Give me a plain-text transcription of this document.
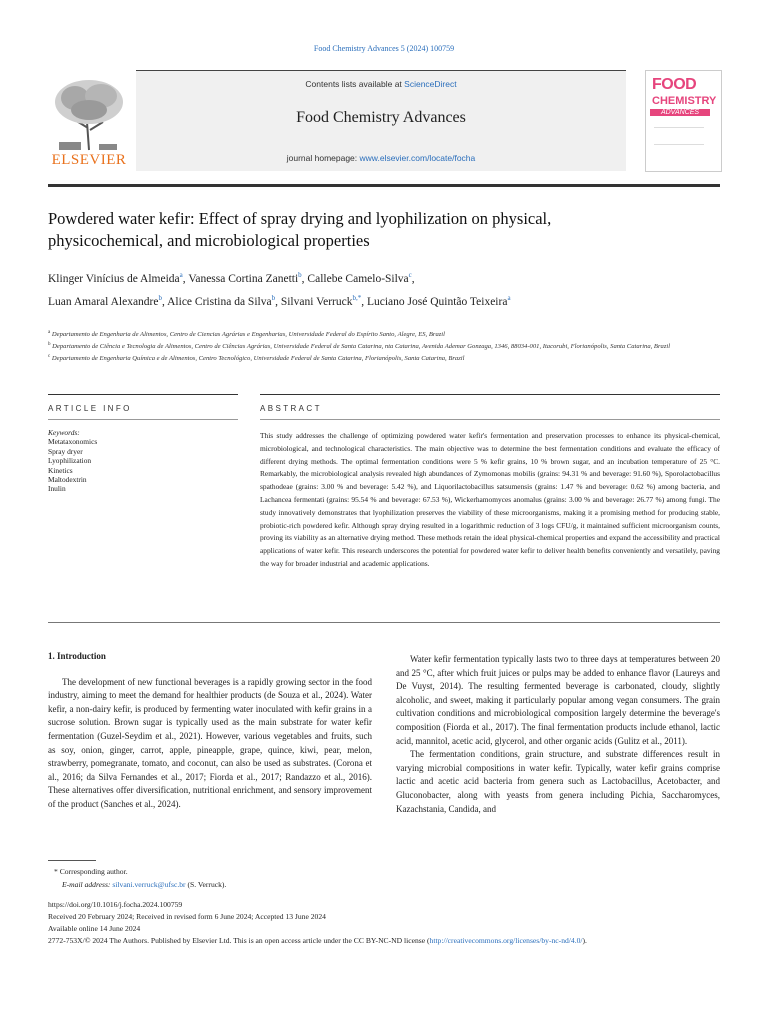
Food Chemistry Advances 5 (2024) 100759
ELSEVIER
Contents lists available at ScienceDirect
Food Chemistry Advances
journal homepage: www.elsevier.com/locate/focha
FOOD
CHEMISTRY
ADVANCES
Powdered water kefir: Effect of spray drying and lyophilization on physical, physicochemical, and microbiological properties
Klinger Vinícius de Almeida$^a$, Vanessa Cortina Zanetti$^b$, Callebe Camelo-Silva$^c$,
Luan Amaral Alexandre$^b$, Alice Cristina da Silva$^b$, Silvani Verruck$^{b,*}$, Luciano José Quintão Teixeira$^a$
$^a$ Departamento de Engenharia de Alimentos, Centro de Ciencias Agrárias e Engenharias, Universidade Federal do Espírito Santo, Alegre, ES, Brazil
$^b$ Departamento de Ciência e Tecnologia de Alimentos, Centro de Ciências Agrárias, Universidade Federal de Santa Catarina, nta Catarina, Avenida Ademar Gonzaga, 1346, 88034-001, Itacorubi, Florianópolis, Santa Catarina, Brazil
$^c$ Departamento de Engenharia Química e de Alimentos, Centro Tecnológico, Universidade Federal de Santa Catarina, Florianópolis, Santa Catarina, Brazil
ARTICLE INFO	ABSTRACT
Keywords:
Metataxonomics
Spray dryer
Lyophilization
Kinetics
Maltodextrin
Inulin
This study addresses the challenge of optimizing powdered water kefir's fermentation and preservation processes to enhance its physical-chemical, microbiological, and technological characteristics. The main objective was to determine the best fermentation conditions and evaluate the efficacy of different drying methods. The optimal fermentation conditions were 5 % kefir grains, 10 % brown sugar, and an incubation temperature of 25 °C. Remarkably, the microbiological analysis revealed high abundances of Zymomonas mobilis (grains: 94.31 % and beverage: 91.60 %), Sporolactobacillus spathodeae (grains: 3.00 % and beverage: 5.42 %), and Liquorilactobacillus satsumensis (grains: 1.47 % and beverage: 0.62 %) among bacteria, and Lachancea fermentati (grains: 95.54 % and beverage: 67.53 %), Wickerhamomyces anomalus (grains: 3.00 % and beverage: 26.77 %) among fungi. The study innovatively demonstrates that lyophilization preserves the viability of these microorganisms, making it a promising method for producing stable, probiotic-rich powdered kefir. Although spray drying resulted in a logarithmic reduction of 3 logs CFU/g, it maintained sufficient microorganism counts, proving its viability as an alternative drying method. These methods retain the ideal physical-chemical properties and expand the accessibility and practical applications of water kefir. This research underscores the potential for powdered water kefir to deliver health benefits conveniently and versatilely, paving the way for broader industrial and academic applications.
1. Introduction

The development of new functional beverages is a rapidly growing sector in the food industry, aiming to meet the demand for healthier products (de Souza et al., 2024). Water kefir, a non-dairy kefir, is produced by fermenting water inoculated with kefir grains in a sucrose solution. Brown sugar is typically used as the main substrate for water kefir fermentation (Guzel-Seydim et al., 2021). However, various vegetables and fruits, such as soy, onion, ginger, carrot, apple, pineapple, grape, quince, kiwi, pear, melon, strawberry, pomegranate, tomato, and coconut, can also be used as substrates. (Corona et al., 2016; da Silva Fernandes et al., 2017; Fiorda et al., 2017; Randazzo et al., 2016). These alternatives offer diversification, nutritional enrichment, and sensory improvement of the product (Sanches et al., 2024).

Water kefir fermentation typically lasts two to three days at temperatures between 20 and 25 °C, after which fruit juices or pulps may be added to enhance flavor (Laureys and De Vuyst, 2014). The resulting fermented beverage is carbonated, cloudy, slightly alcoholic, and sweet, making it particularly popular among vegan consumers. The grain cultivation conditions and microbiological composition largely determine the beverage's composition (Fiorda et al., 2017). The final fermentation products include ethanol, lactic acid, mannitol, acetic acid, glycerol, and other organic acids (Gulitz et al., 2011).

The fermentation conditions, grain structure, and substrate differences result in varying microbial compositions in water kefir. Typically, water kefir grains comprise lactic and acetic acid bacteria from genera such as Lactobacillus, Acetobacter, and Gluconobacter, along with yeasts from genera including Pichia, Saccharomyces, Kazachstania, Candida, and

* Corresponding author.
E-mail address: silvani.verruck@ufsc.br (S. Verruck).
https://doi.org/10.1016/j.focha.2024.100759
Received 20 February 2024; Received in revised form 6 June 2024; Accepted 13 June 2024
Available online 14 June 2024
2772-753X/© 2024 The Authors. Published by Elsevier Ltd. This is an open access article under the CC BY-NC-ND license (http://creativecommons.org/licenses/by-nc-nd/4.0/).
